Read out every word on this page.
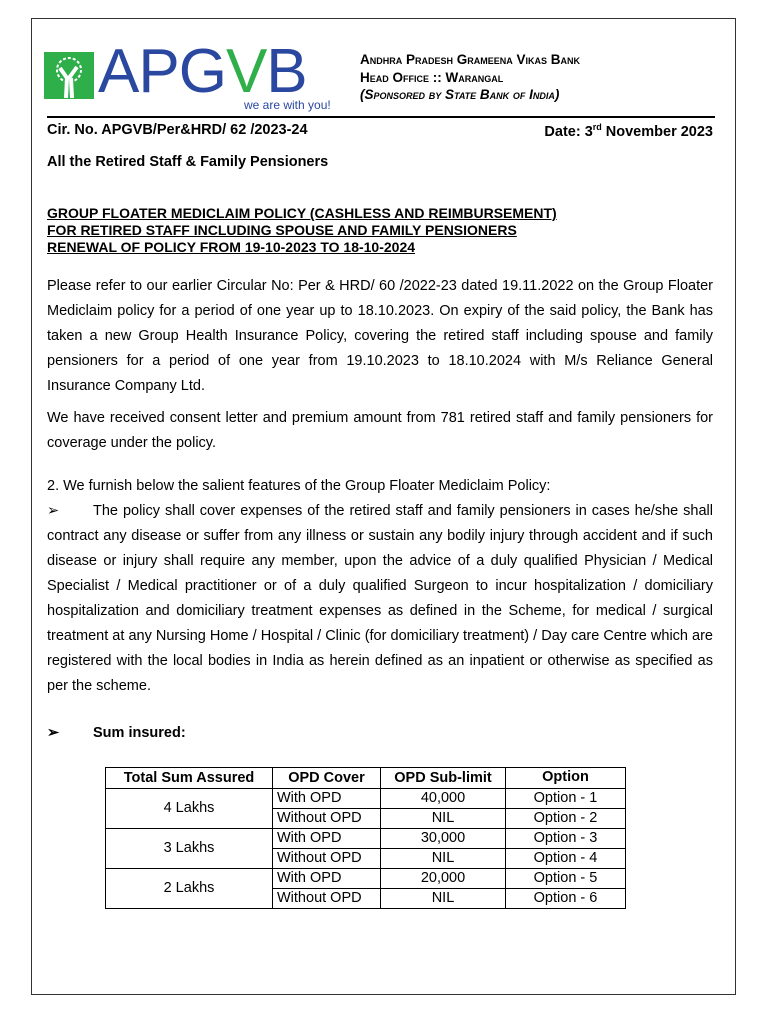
APGVB
we are with you!
Andhra Pradesh Grameena Vikas Bank
Head Office :: Warangal
(Sponsored by State Bank of India)
Cir. No. APGVB/Per&HRD/ 62 /2023-24	Date: 3rd November 2023
All the Retired Staff & Family Pensioners
GROUP FLOATER MEDICLAIM POLICY (CASHLESS AND REIMBURSEMENT)
FOR RETIRED STAFF INCLUDING SPOUSE AND FAMILY PENSIONERS
RENEWAL OF POLICY FROM 19-10-2023 TO 18-10-2024

Please refer to our earlier Circular No: Per & HRD/ 60 /2022-23 dated 19.11.2022 on the Group Floater Mediclaim policy for a period of one year up to 18.10.2023. On expiry of the said policy, the Bank has taken a new Group Health Insurance Policy, covering the retired staff including spouse and family pensioners for a period of one year from 19.10.2023 to 18.10.2024 with M/s Reliance General Insurance Company Ltd.

We have received consent letter and premium amount from 781 retired staff and family pensioners for coverage under the policy.

2. We furnish below the salient features of the Group Floater Mediclaim Policy:

➢ The policy shall cover expenses of the retired staff and family pensioners in cases he/she shall contract any disease or suffer from any illness or sustain any bodily injury through accident and if such disease or injury shall require any member, upon the advice of a duly qualified Physician / Medical Specialist / Medical practitioner or of a duly qualified Surgeon to incur hospitalization / domiciliary hospitalization and domiciliary treatment expenses as defined in the Scheme, for medical / surgical treatment at any Nursing Home / Hospital / Clinic (for domiciliary treatment) / Day care Centre which are registered with the local bodies in India as herein defined as an inpatient or otherwise as specified as per the scheme.

➢ Sum insured:
Total Sum Assured	OPD Cover	OPD Sub-limit	Option
4 Lakhs	With OPD	40,000	Option - 1
	Without OPD	NIL	Option - 2
3 Lakhs	With OPD	30,000	Option - 3
	Without OPD	NIL	Option - 4
2 Lakhs	With OPD	20,000	Option - 5
	Without OPD	NIL	Option - 6
